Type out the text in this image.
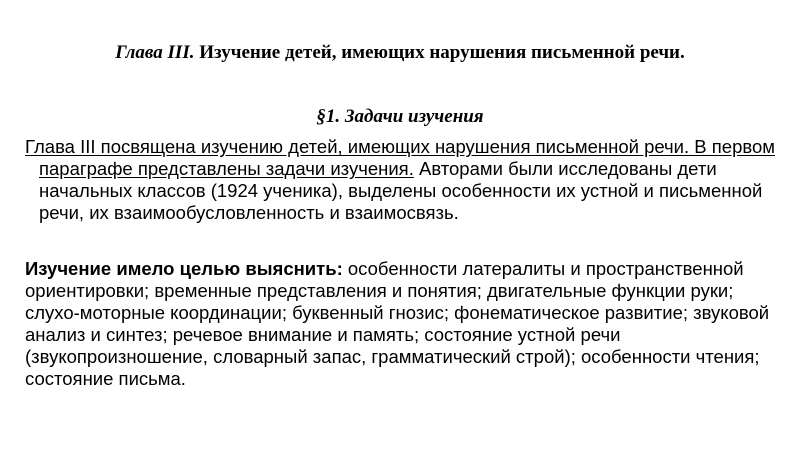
Глава III. Изучение детей, имеющих нарушения письменной речи.
§1. Задачи изучения
Глава III посвящена изучению детей, имеющих нарушения письменной речи. В первом параграфе представлены задачи изучения. Авторами были исследованы дети начальных классов (1924 ученика), выделены особенности их устной и письменной речи, их взаимообусловленность и взаимосвязь.
Изучение имело целью выяснить: особенности латералиты и пространственной ориентировки; временные представления и понятия; двигательные функции руки; слухо-моторные координации; буквенный гнозис; фонематическое развитие; звуковой анализ и синтез; речевое внимание и память; состояние устной речи (звукопроизношение, словарный запас, грамматический строй); особенности чтения; состояние письма.
